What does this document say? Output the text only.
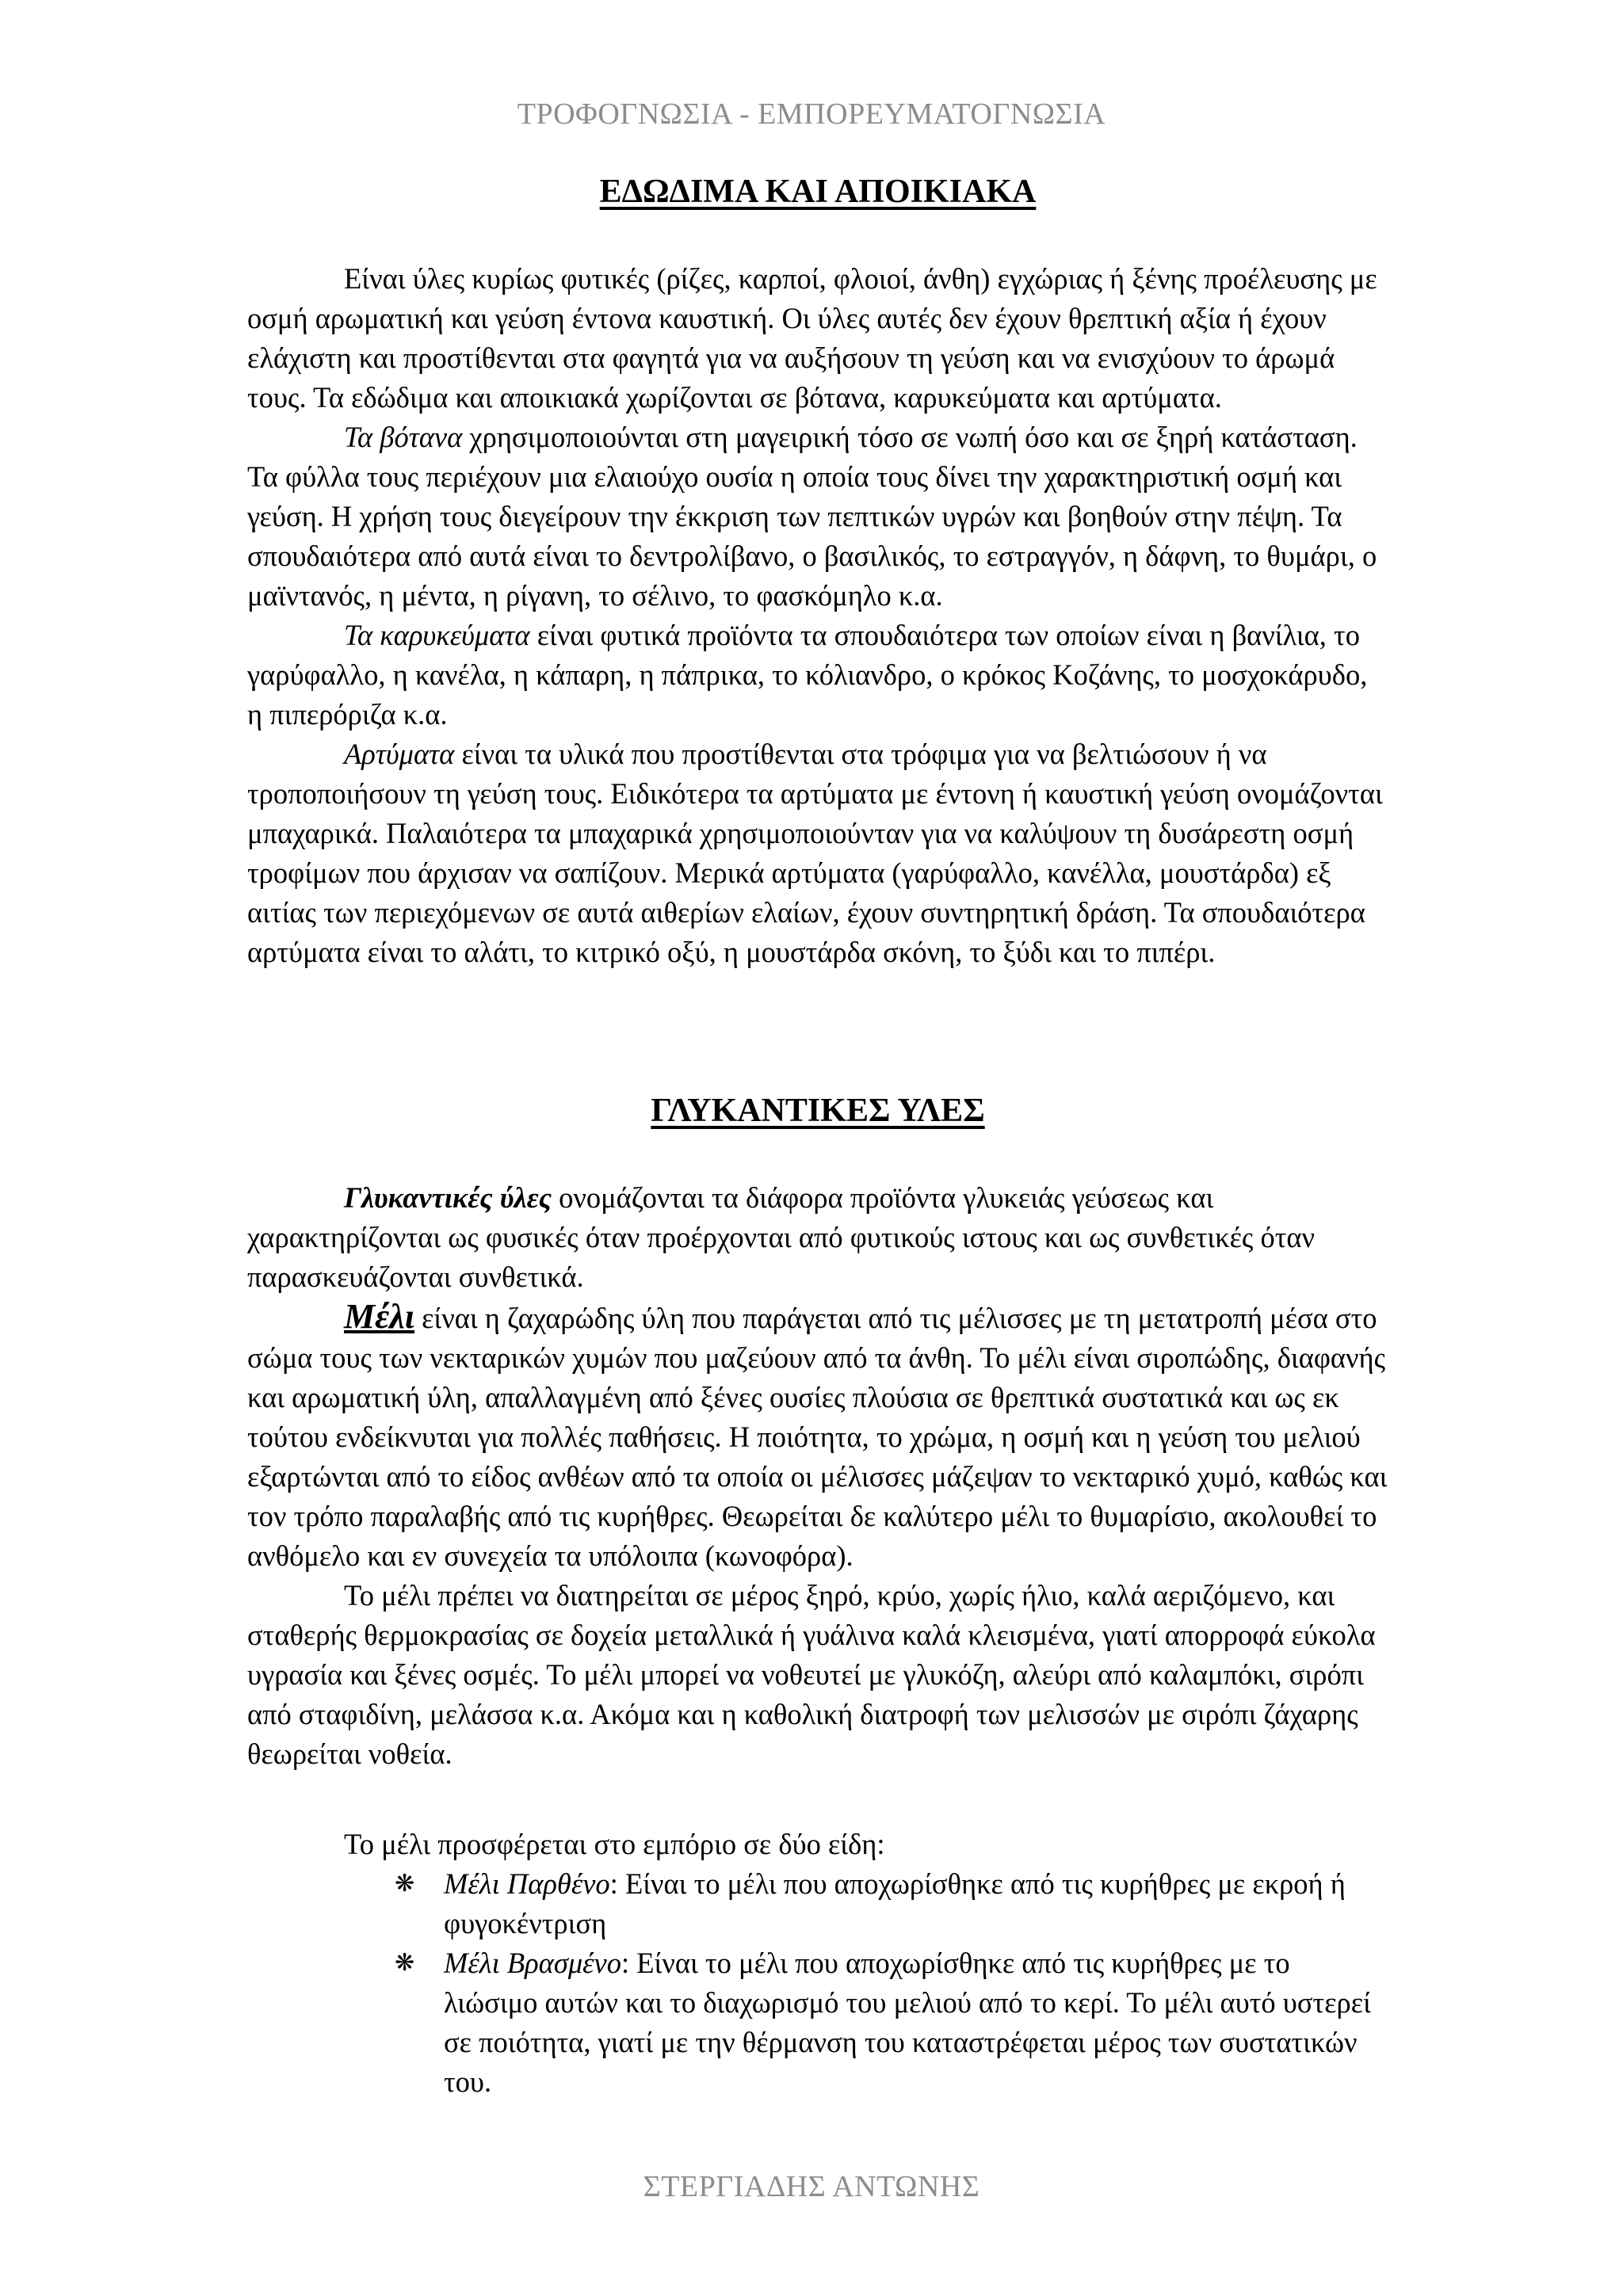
ΤΡΟΦΟΓΝΩΣΙΑ - ΕΜΠΟΡΕΥΜΑΤΟΓΝΩΣΙΑ
ΕΔΩΔΙΜΑ ΚΑΙ ΑΠΟΙΚΙΑΚΑ

Είναι ύλες κυρίως φυτικές (ρίζες, καρποί, φλοιοί, άνθη) εγχώριας ή ξένης προέλευσης με οσμή αρωματική και γεύση έντονα καυστική. Οι ύλες αυτές δεν έχουν θρεπτική αξία ή έχουν ελάχιστη και προστίθενται στα φαγητά για να αυξήσουν τη γεύση και να ενισχύουν το άρωμά τους. Τα εδώδιμα και αποικιακά χωρίζονται σε βότανα, καρυκεύματα και αρτύματα.

Τα βότανα χρησιμοποιούνται στη μαγειρική τόσο σε νωπή όσο και σε ξηρή κατάσταση. Τα φύλλα τους περιέχουν μια ελαιούχο ουσία η οποία τους δίνει την χαρακτηριστική οσμή και γεύση. Η χρήση τους διεγείρουν την έκκριση των πεπτικών υγρών και βοηθούν στην πέψη. Τα σπουδαιότερα από αυτά είναι το δεντρολίβανο, ο βασιλικός, το εστραγγόν, η δάφνη, το θυμάρι, ο μαϊντανός, η μέντα, η ρίγανη, το σέλινο, το φασκόμηλο κ.α.

Τα καρυκεύματα είναι φυτικά προϊόντα τα σπουδαιότερα των οποίων είναι η βανίλια, το γαρύφαλλο, η κανέλα, η κάπαρη, η πάπρικα, το κόλιανδρο, ο κρόκος Κοζάνης, το μοσχοκάρυδο, η πιπερόριζα κ.α.

Αρτύματα είναι τα υλικά που προστίθενται στα τρόφιμα για να βελτιώσουν ή να τροποποιήσουν τη γεύση τους. Ειδικότερα τα αρτύματα με έντονη ή καυστική γεύση ονομάζονται μπαχαρικά. Παλαιότερα τα μπαχαρικά χρησιμοποιούνταν για να καλύψουν τη δυσάρεστη οσμή τροφίμων που άρχισαν να σαπίζουν. Μερικά αρτύματα (γαρύφαλλο, κανέλλα, μουστάρδα) εξ αιτίας των περιεχόμενων σε αυτά αιθερίων ελαίων, έχουν συντηρητική δράση. Τα σπουδαιότερα αρτύματα είναι το αλάτι, το κιτρικό οξύ, η μουστάρδα σκόνη, το ξύδι και το πιπέρι.

ΓΛΥΚΑΝΤΙΚΕΣ ΥΛΕΣ

Γλυκαντικές ύλες ονομάζονται τα διάφορα προϊόντα γλυκειάς γεύσεως και χαρακτηρίζονται ως φυσικές όταν προέρχονται από φυτικούς ιστους και ως συνθετικές όταν παρασκευάζονται συνθετικά.

Μέλι είναι η ζαχαρώδης ύλη που παράγεται από τις μέλισσες με τη μετατροπή μέσα στο σώμα τους των νεκταρικών χυμών που μαζεύουν από τα άνθη. Το μέλι είναι σιροπώδης, διαφανής και αρωματική ύλη, απαλλαγμένη από ξένες ουσίες πλούσια σε θρεπτικά συστατικά και ως εκ τούτου ενδείκνυται για πολλές παθήσεις. Η ποιότητα, το χρώμα, η οσμή και η γεύση του μελιού εξαρτώνται από το είδος ανθέων από τα οποία οι μέλισσες μάζεψαν το νεκταρικό χυμό, καθώς και τον τρόπο παραλαβής από τις κυρήθρες. Θεωρείται δε καλύτερο μέλι το θυμαρίσιο, ακολουθεί το ανθόμελο και εν συνεχεία τα υπόλοιπα (κωνοφόρα).

Το μέλι πρέπει να διατηρείται σε μέρος ξηρό, κρύο, χωρίς ήλιο, καλά αεριζόμενο, και σταθερής θερμοκρασίας σε δοχεία μεταλλικά ή γυάλινα καλά κλεισμένα, γιατί απορροφά εύκολα υγρασία και ξένες οσμές. Το μέλι μπορεί να νοθευτεί με γλυκόζη, αλεύρι από καλαμπόκι, σιρόπι από σταφιδίνη, μελάσσα κ.α. Ακόμα και η καθολική διατροφή των μελισσών με σιρόπι ζάχαρης θεωρείται νοθεία.

Το μέλι προσφέρεται στο εμπόριο σε δύο είδη:
❋ Μέλι Παρθένο: Είναι το μέλι που αποχωρίσθηκε από τις κυρήθρες με εκροή ή φυγοκέντριση
❋ Μέλι Βρασμένο: Είναι το μέλι που αποχωρίσθηκε από τις κυρήθρες με το λιώσιμο αυτών και το διαχωρισμό του μελιού από το κερί. Το μέλι αυτό υστερεί σε ποιότητα, γιατί με την θέρμανση του καταστρέφεται μέρος των συστατικών του.
ΣΤΕΡΓΙΑΔΗΣ ΑΝΤΩΝΗΣ
